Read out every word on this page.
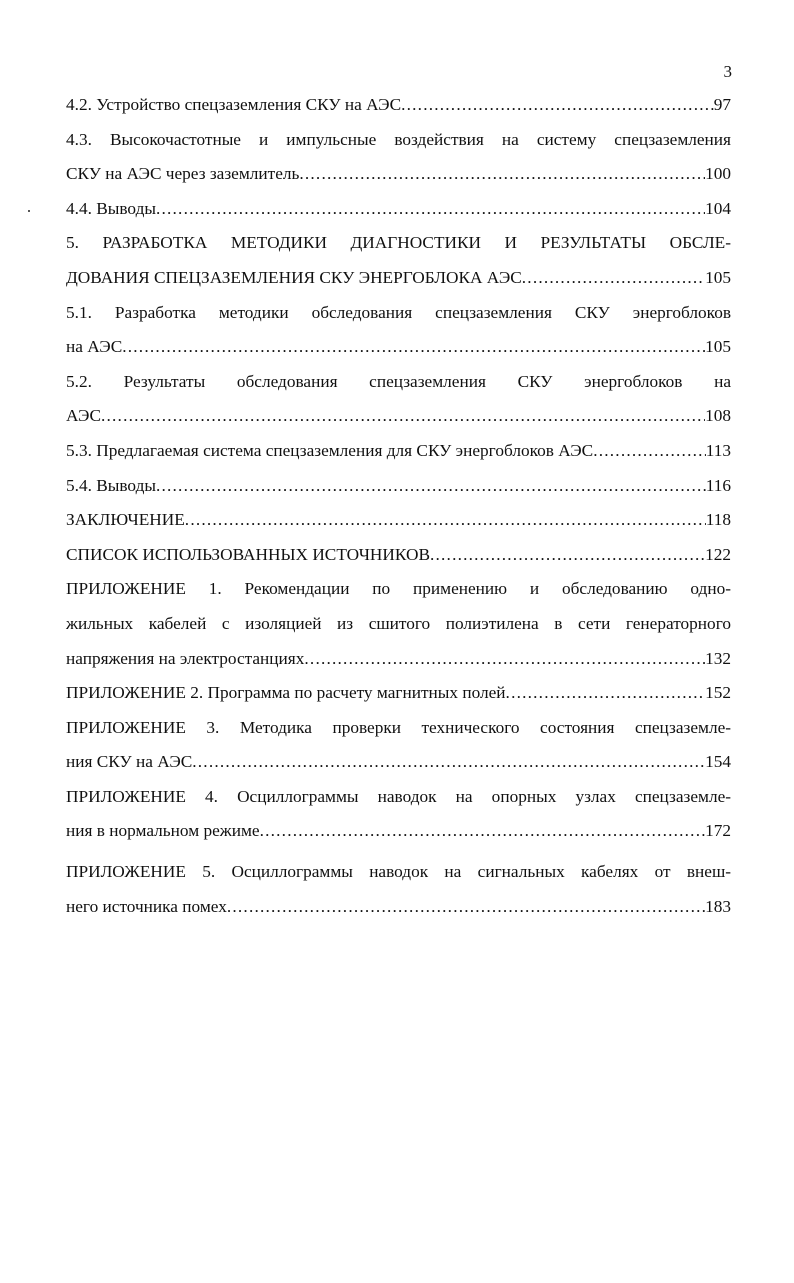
3
4.2. Устройство спецзаземления СКУ на АЭС .....	97
4.3. Высокочастотные и импульсные воздействия на систему спецзаземления
СКУ на АЭС через заземлитель .....	100
4.4. Выводы .....	104
5. РАЗРАБОТКА МЕТОДИКИ ДИАГНОСТИКИ И РЕЗУЛЬТАТЫ ОБСЛЕ-
ДОВАНИЯ СПЕЦЗАЗЕМЛЕНИЯ СКУ ЭНЕРГОБЛОКА АЭС .....	105
5.1. Разработка методики обследования спецзаземления СКУ энергоблоков
на АЭС .....	105
5.2. Результаты обследования спецзаземления СКУ энергоблоков на
АЭС .....	108
5.3. Предлагаемая система спецзаземления для СКУ энергоблоков АЭС .....	113
5.4. Выводы .....	116
ЗАКЛЮЧЕНИЕ .....	118
СПИСОК ИСПОЛЬЗОВАННЫХ ИСТОЧНИКОВ .....	122
ПРИЛОЖЕНИЕ 1. Рекомендации по применению и обследованию одно-
жильных кабелей с изоляцией из сшитого полиэтилена в сети генераторного
напряжения на электростанциях .....	132
ПРИЛОЖЕНИЕ 2. Программа по расчету магнитных полей .....	152
ПРИЛОЖЕНИЕ 3. Методика проверки технического состояния спецзаземле-
ния СКУ на АЭС .....	154
ПРИЛОЖЕНИЕ 4. Осциллограммы наводок на опорных узлах спецзаземле-
ния в нормальном режиме .....	172
ПРИЛОЖЕНИЕ 5. Осциллограммы наводок на сигнальных кабелях от внеш-
него источника помех .....	183
